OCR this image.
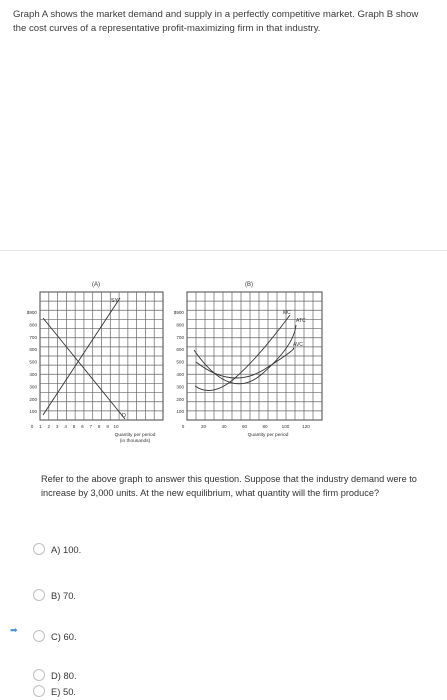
Graph A shows the market demand and supply in a perfectly competitive market. Graph B show
the cost curves of a representative profit-maximizing firm in that industry.
(A)
$900
800
700
600
500
400
300
200
100
0 1 2 3 4 5 6 7 8 9 10
SY
D
Quantity per period
(in thousands)
(B)
$900
800
700
600
500
400
300
200
100
0	20	40	60	80	100	120
MC
ATC
AVC
Quantity per period
Refer to the above graph to answer this question. Suppose that the industry demand were to increase by 3,000 units. At the new equilibrium, what quantity will the firm produce?
➡
A)
100.
B)
70.
C)
60.
D)
80.
E)
50.
